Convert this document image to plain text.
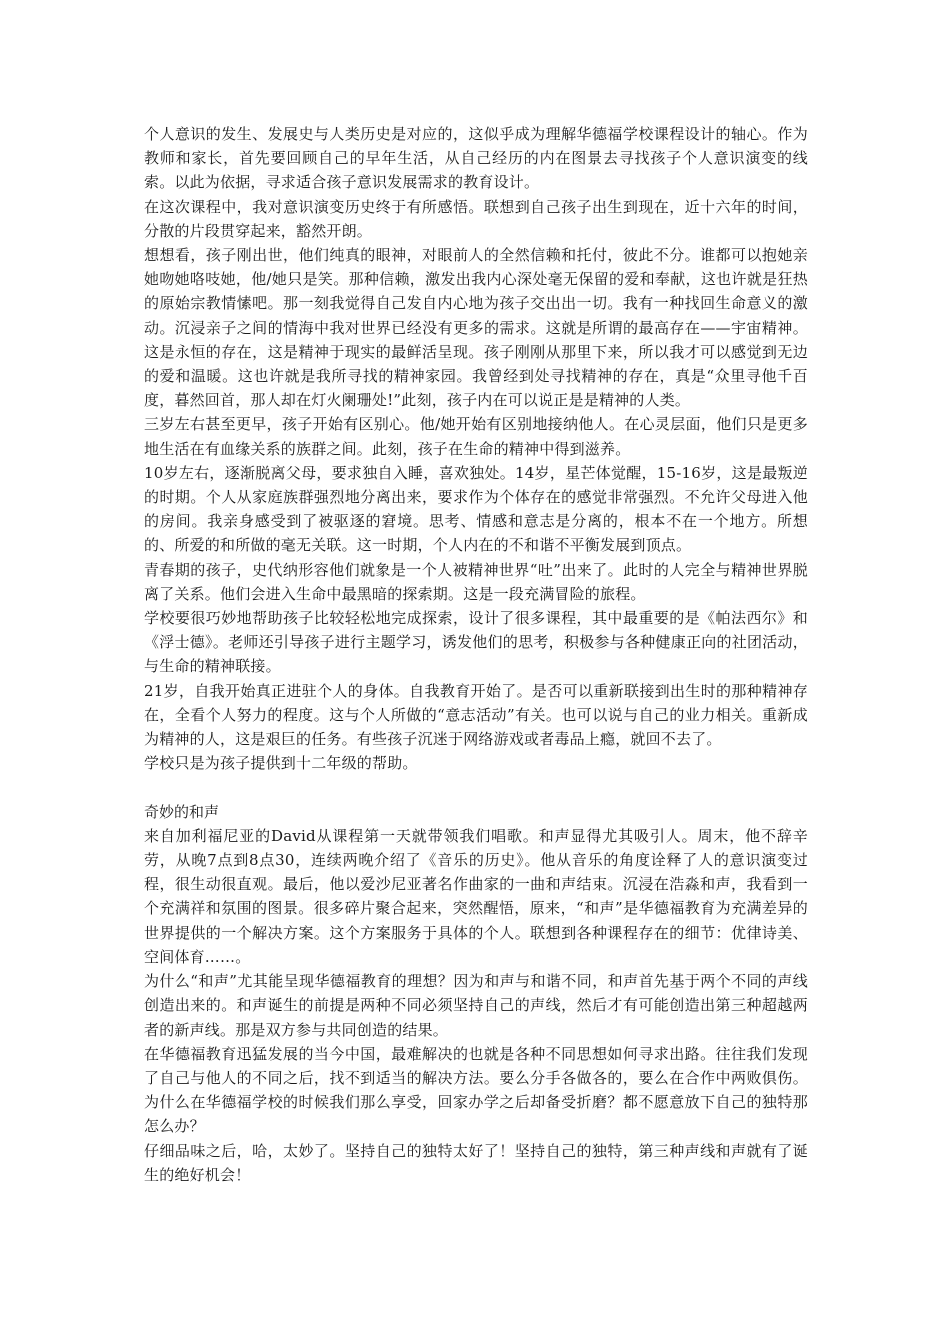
个人意识的发生、发展史与人类历史是对应的，这似乎成为理解华德福学校课程设计的轴心。作为教师和家长，首先要回顾自己的早年生活，从自己经历的内在图景去寻找孩子个人意识演变的线索。以此为依据，寻求适合孩子意识发展需求的教育设计。

在这次课程中，我对意识演变历史终于有所感悟。联想到自己孩子出生到现在，近十六年的时间，分散的片段贯穿起来，豁然开朗。

想想看，孩子刚出世，他们纯真的眼神，对眼前人的全然信赖和托付，彼此不分。谁都可以抱她亲她吻她咯吱她，他/她只是笑。那种信赖，激发出我内心深处毫无保留的爱和奉献，这也许就是狂热的原始宗教情愫吧。那一刻我觉得自己发自内心地为孩子交出出一切。我有一种找回生命意义的激动。沉浸亲子之间的情海中我对世界已经没有更多的需求。这就是所谓的最高存在——宇宙精神。这是永恒的存在，这是精神于现实的最鲜活呈现。孩子刚刚从那里下来，所以我才可以感觉到无边的爱和温暖。这也许就是我所寻找的精神家园。我曾经到处寻找精神的存在，真是“众里寻他千百度，暮然回首，那人却在灯火阑珊处!”此刻，孩子内在可以说正是是精神的人类。

三岁左右甚至更早，孩子开始有区别心。他/她开始有区别地接纳他人。在心灵层面，他们只是更多地生活在有血缘关系的族群之间。此刻，孩子在生命的精神中得到滋养。

10岁左右，逐渐脱离父母，要求独自入睡，喜欢独处。14岁，星芒体觉醒，15-16岁，这是最叛逆的时期。个人从家庭族群强烈地分离出来，要求作为个体存在的感觉非常强烈。不允许父母进入他的房间。我亲身感受到了被驱逐的窘境。思考、情感和意志是分离的，根本不在一个地方。所想的、所爱的和所做的毫无关联。这一时期，个人内在的不和谐不平衡发展到顶点。

青春期的孩子，史代纳形容他们就象是一个人被精神世界“吐”出来了。此时的人完全与精神世界脱离了关系。他们会进入生命中最黑暗的探索期。这是一段充满冒险的旅程。

学校要很巧妙地帮助孩子比较轻松地完成探索，设计了很多课程，其中最重要的是《帕法西尔》和《浮士德》。老师还引导孩子进行主题学习，诱发他们的思考，积极参与各种健康正向的社团活动，与生命的精神联接。

21岁，自我开始真正进驻个人的身体。自我教育开始了。是否可以重新联接到出生时的那种精神存在，全看个人努力的程度。这与个人所做的“意志活动”有关。也可以说与自己的业力相关。重新成为精神的人，这是艰巨的任务。有些孩子沉迷于网络游戏或者毒品上瘾，就回不去了。

学校只是为孩子提供到十二年级的帮助。

奇妙的和声

来自加利福尼亚的David从课程第一天就带领我们唱歌。和声显得尤其吸引人。周末，他不辞辛劳，从晚7点到8点30，连续两晚介绍了《音乐的历史》。他从音乐的角度诠释了人的意识演变过程，很生动很直观。最后，他以爱沙尼亚著名作曲家的一曲和声结束。沉浸在浩淼和声，我看到一个充满祥和氛围的图景。很多碎片聚合起来，突然醒悟，原来，“和声”是华德福教育为充满差异的世界提供的一个解决方案。这个方案服务于具体的个人。联想到各种课程存在的细节：优律诗美、空间体育……。

为什么“和声”尤其能呈现华德福教育的理想？因为和声与和谐不同，和声首先基于两个不同的声线创造出来的。和声诞生的前提是两种不同必须坚持自己的声线，然后才有可能创造出第三种超越两者的新声线。那是双方参与共同创造的结果。

在华德福教育迅猛发展的当今中国，最难解决的也就是各种不同思想如何寻求出路。往往我们发现了自己与他人的不同之后，找不到适当的解决方法。要么分手各做各的，要么在合作中两败俱伤。为什么在华德福学校的时候我们那么享受，回家办学之后却备受折磨？都不愿意放下自己的独特那怎么办？

仔细品味之后，哈，太妙了。坚持自己的独特太好了！坚持自己的独特，第三种声线和声就有了诞生的绝好机会！
